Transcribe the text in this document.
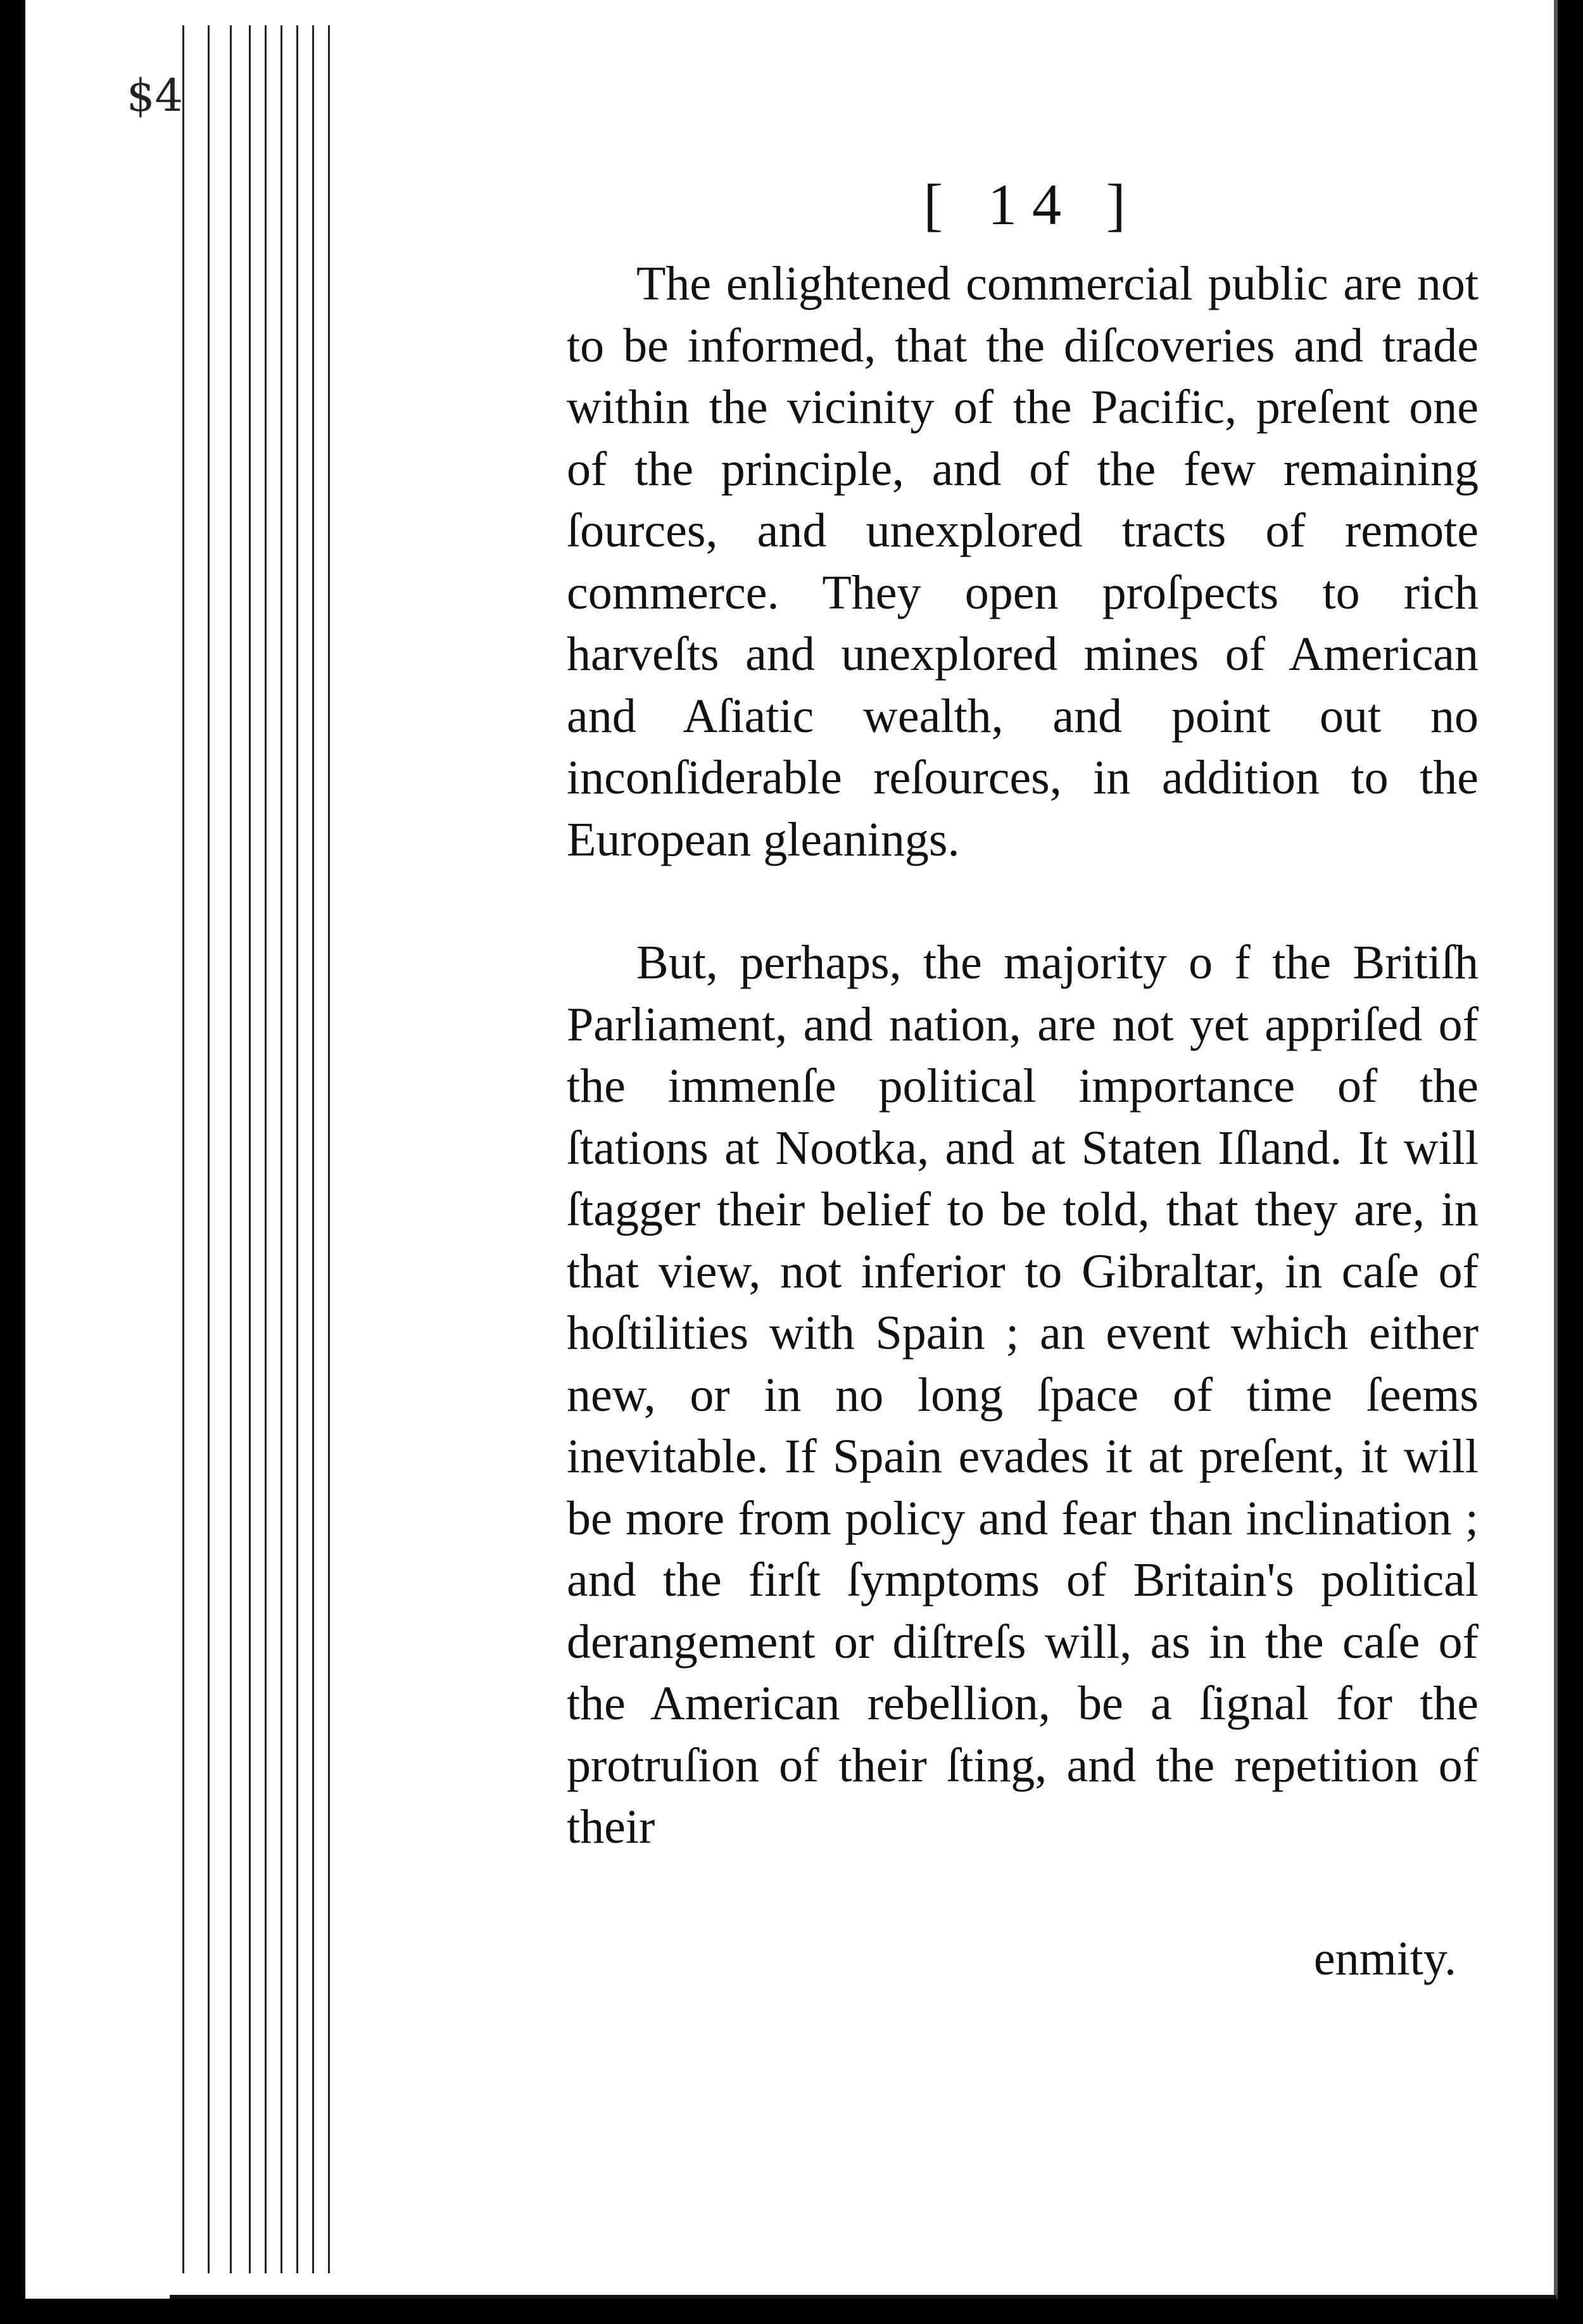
$4
[ 14 ]

The enlightened commercial public are not to be informed, that the diſcoveries and trade within the vicinity of the Pacific, preſent one of the principle, and of the few remaining ſources, and unexplored tracts of remote commerce. They open proſpects to rich harveſts and unexplored mines of American and Aſiatic wealth, and point out no inconſiderable reſources, in addition to the European gleanings.

But, perhaps, the majority o f the Britiſh Parliament, and nation, are not yet appriſed of the immenſe political importance of the ſtations at Nootka, and at Staten Iſland. It will ſtagger their belief to be told, that they are, in that view, not inferior to Gibraltar, in caſe of hoſtilities with Spain ; an event which either new, or in no long ſpace of time ſeems inevitable. If Spain evades it at preſent, it will be more from policy and fear than inclination ; and the firſt ſymptoms of Britain's political derangement or diſtreſs will, as in the caſe of the American rebellion, be a ſignal for the protruſion of their ſting, and the repetition of their

enmity.
